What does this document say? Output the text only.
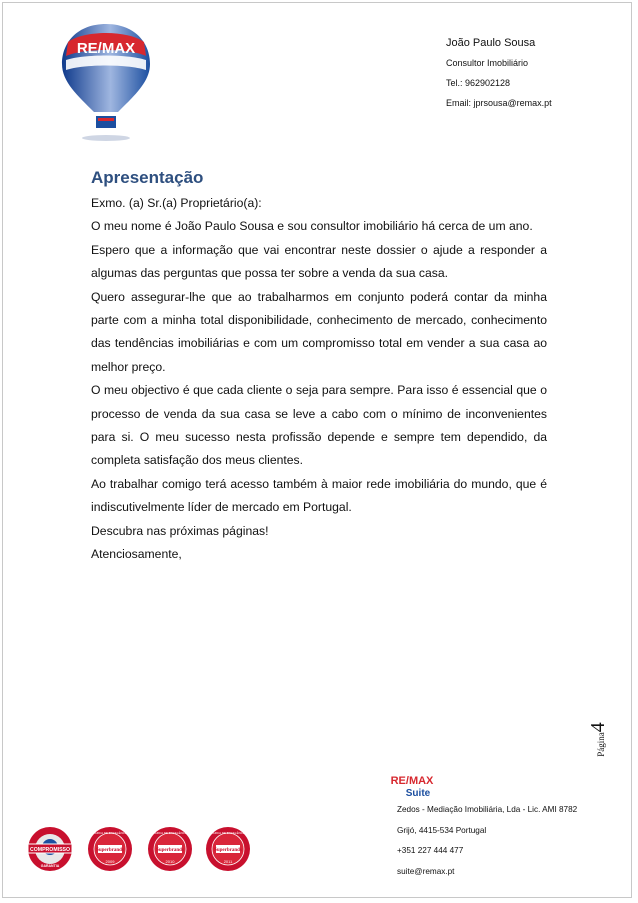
RE/MAX	João Paulo Sousa
Consultor Imobiliário
Tel.: 962902128
Email: jprsousa@remax.pt
Apresentação

Exmo. (a) Sr.(a) Proprietário(a):

O meu nome é João Paulo Sousa e sou consultor imobiliário há cerca de um ano.

Espero que a informação que vai encontrar neste dossier o ajude a responder a algumas das perguntas que possa ter sobre a venda da sua casa.

Quero assegurar-lhe que ao trabalharmos em conjunto poderá contar da minha parte com a minha total disponibilidade, conhecimento de mercado, conhecimento das tendências imobiliárias e com um compromisso total em vender a sua casa ao melhor preço.

O meu objectivo é que cada cliente o seja para sempre. Para isso é essencial que o processo de venda da sua casa se leve a cabo com o mínimo de inconvenientes para si. O meu sucesso nesta profissão depende e sempre tem dependido, da completa satisfação dos meus clientes.

Ao trabalhar comigo terá acesso também à maior rede imobiliária do mundo, que é indiscutivelmente líder de mercado em Portugal.

Descubra nas próximas páginas!

Atenciosamente,

Página4
RE/MAX
Suite
Zedos - Mediação Imobiliária, Lda - Lic. AMI 8782
Grijó, 4415-534 Portugal
+351 227 444 477
suite@remax.pt
COMPROMISSO
GARANTIA
Superbrands
MARCA DE EXCELÊNCIA
2009
Superbrands
MARCA DE EXCELÊNCIA
2010
Superbrands
MARCA DE EXCELÊNCIA
2011
